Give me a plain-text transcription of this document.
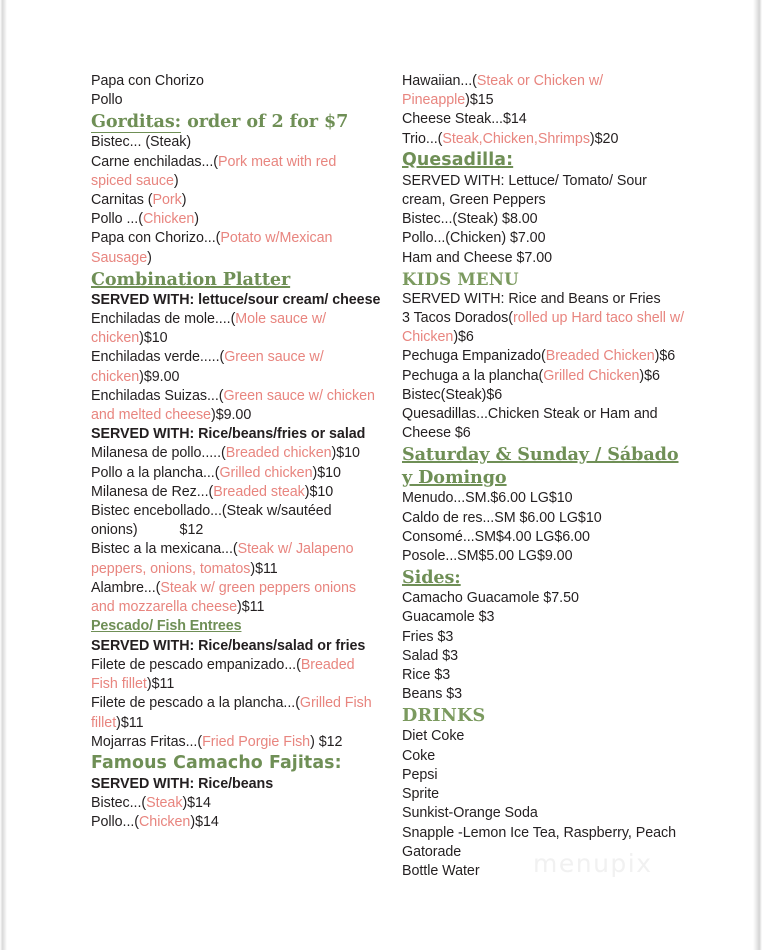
Papa con Chorizo
Pollo
Gorditas: order of 2 for $7
Bistec... (Steak)
Carne enchiladas...(Pork meat with red spiced sauce)
Carnitas (Pork)
Pollo ...(Chicken)
Papa con Chorizo...(Potato w/Mexican Sausage)
Combination Platter
SERVED WITH: lettuce/sour cream/ cheese
Enchiladas de mole....(Mole sauce w/ chicken)$10
Enchiladas verde.....(Green sauce w/ chicken)$9.00
Enchiladas Suizas...(Green sauce w/ chicken and melted cheese)$9.00
SERVED WITH: Rice/beans/fries or salad
Milanesa de pollo.....(Breaded chicken)$10
Pollo a la plancha...(Grilled chicken)$10
Milanesa de Rez...(Breaded steak)$10
Bistec encebollado...(Steak w/sautéed onions)	$12
Bistec a la mexicana...(Steak w/ Jalapeno peppers, onions, tomatos)$11
Alambre...(Steak w/ green peppers onions and mozzarella cheese)$11
Pescado/ Fish Entrees
SERVED WITH: Rice/beans/salad or fries
Filete de pescado empanizado...(Breaded Fish fillet)$11
Filete de pescado a la plancha...(Grilled Fish fillet)$11
Mojarras Fritas...(Fried Porgie Fish) $12
Famous Camacho Fajitas:
SERVED WITH: Rice/beans
Bistec...(Steak)$14
Pollo...(Chicken)$14
Hawaiian...(Steak or Chicken w/ Pineapple)$15
Cheese Steak...$14
Trio...(Steak,Chicken,Shrimps)$20
Quesadilla:
SERVED WITH: Lettuce/ Tomato/ Sour cream, Green Peppers
Bistec...(Steak) $8.00
Pollo...(Chicken) $7.00
Ham and Cheese $7.00
KIDS MENU
SERVED WITH: Rice and Beans or Fries
3 Tacos Dorados(rolled up Hard taco shell w/ Chicken)$6
Pechuga Empanizado(Breaded Chicken)$6
Pechuga a la plancha(Grilled Chicken)$6
Bistec(Steak)$6
Quesadillas...Chicken Steak or Ham and Cheese $6
Saturday & Sunday / Sábado y Domingo
Menudo...SM.$6.00 LG$10
Caldo de res...SM $6.00 LG$10
Consomé...SM$4.00 LG$6.00
Posole...SM$5.00 LG$9.00
Sides:
Camacho Guacamole $7.50
Guacamole $3
Fries $3
Salad $3
Rice $3
Beans $3
DRINKS
Diet Coke
Coke
Pepsi
Sprite
Sunkist-Orange Soda
Snapple -Lemon Ice Tea, Raspberry, Peach
Gatorade
Bottle Water	menupix
